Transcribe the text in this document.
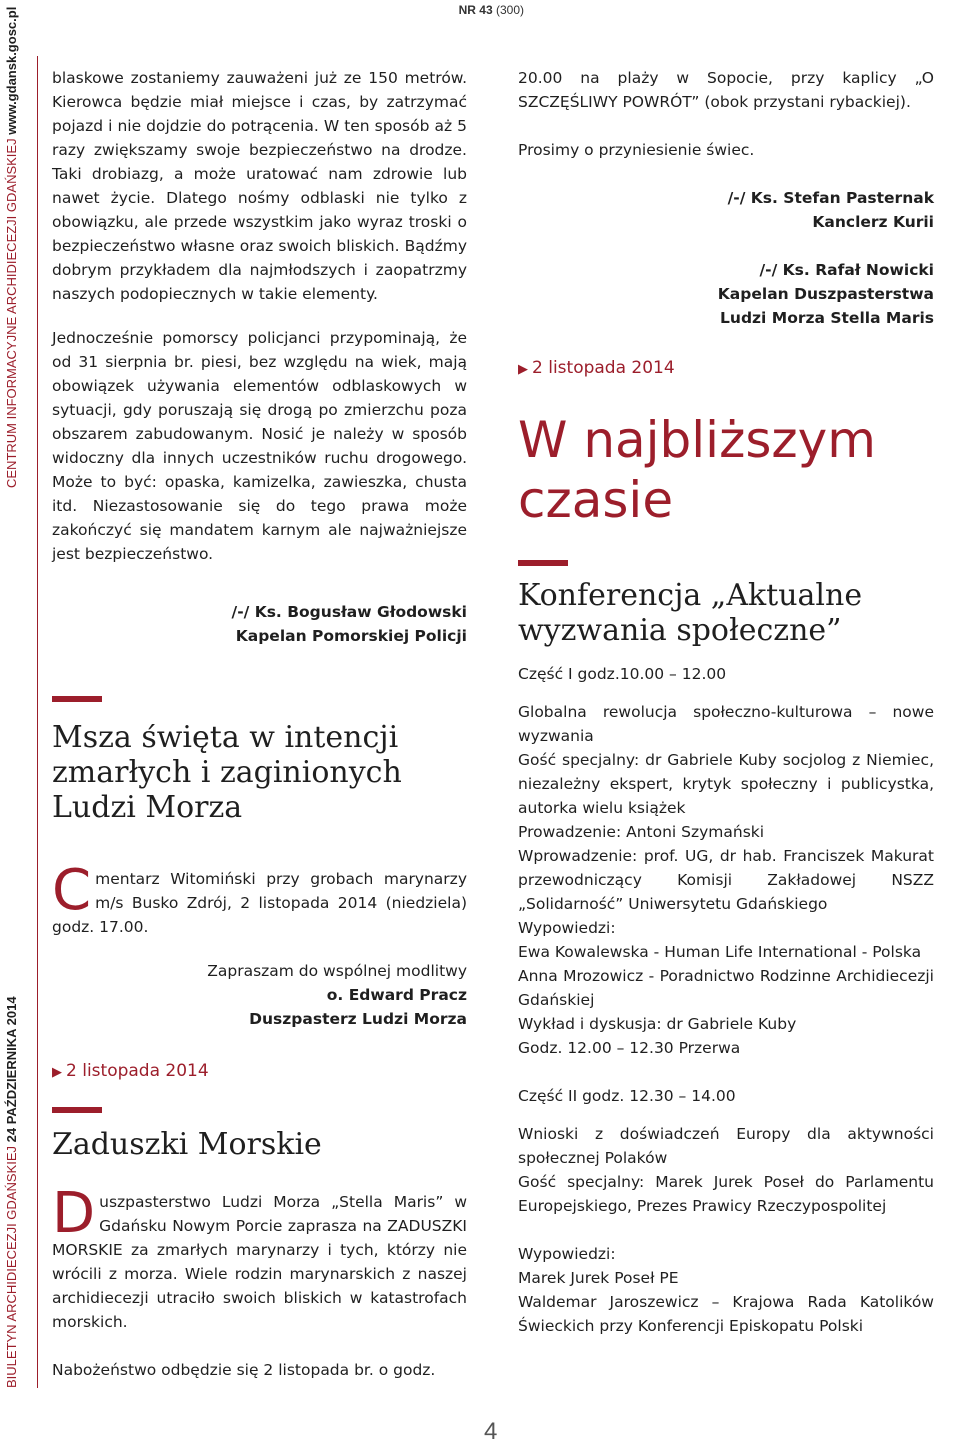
NR 43 (300)
BIULETYN ARCHIDIECEZJI GDAŃSKIEJ 24 PAŹDZIERNIKA 2014
CENTRUM INFORMACYJNE ARCHIDIECEZJI GDAŃSKIEJ www.gdansk.gosc.pl blaskowe zostaniemy zauważeni już ze 150 metrów. Kierowca będzie miał miejsce i czas, by zatrzymać pojazd i nie dojdzie do potrącenia. W ten sposób aż 5 razy zwiększamy swoje bezpieczeństwo na drodze. Taki drobiazg, a może uratować nam zdrowie lub nawet życie. Dlatego nośmy odblaski nie tylko z obowiązku, ale przede wszystkim jako wyraz troski o bezpieczeństwo własne oraz swoich bliskich. Bądźmy dobrym przykładem dla najmłodszych i zaopatrzmy naszych podopiecznych w takie elementy.

Jednocześnie pomorscy policjanci przypominają, że od 31 sierpnia br. piesi, bez względu na wiek, mają obowiązek używania elementów odblaskowych w sytuacji, gdy poruszają się drogą po zmierzchu poza obszarem zabudowanym. Nosić je należy w sposób widoczny dla innych uczestników ruchu drogowego. Może to być: opaska, kamizelka, zawieszka, chusta itd. Niezastosowanie się do tego prawa może zakończyć się mandatem karnym ale najważniejsze jest bezpieczeństwo.

/-/ Ks. Bogusław Głodowski
Kapelan Pomorskiej Policji
Msza święta w intencji zmarłych i zaginionych Ludzi Morza

Cmentarz Witomiński przy grobach marynarzy m/s Busko Zdrój, 2 listopada 2014 (niedziela) godz. 17.00.

Zapraszam do wspólnej modlitwy
o. Edward Pracz
Duszpasterz Ludzi Morza
▶ 2 listopada 2014
Zaduszki Morskie

Duszpasterstwo Ludzi Morza „Stella Maris” w Gdańsku Nowym Porcie zaprasza na ZADUSZKI MORSKIE za zmarłych marynarzy i tych, którzy nie wrócili z morza. Wiele rodzin marynarskich z naszej archidiecezji utraciło swoich bliskich w katastrofach morskich.

Nabożeństwo odbędzie się 2 listopada br. o godz.

20.00 na plaży w Sopocie, przy kaplicy „O SZCZĘŚLIWY POWRÓT” (obok przystani rybackiej).

Prosimy o przyniesienie świec.

/-/ Ks. Stefan Pasternak
Kanclerz Kurii
/-/ Ks. Rafał Nowicki
Kapelan Duszpasterstwa
Ludzi Morza Stella Maris
▶ 2 listopada 2014
W najbliższym czasie
Konferencja „Aktualne wyzwania społeczne”

Część I godz.10.00 – 12.00

Globalna rewolucja społeczno-kulturowa – nowe wyzwania

Gość specjalny: dr Gabriele Kuby socjolog z Niemiec, niezależny ekspert, krytyk społeczny i publicystka, autorka wielu książek

Prowadzenie: Antoni Szymański

Wprowadzenie: prof. UG, dr hab. Franciszek Makurat przewodniczący Komisji Zakładowej NSZZ „Solidarność” Uniwersytetu Gdańskiego

Wypowiedzi:

Ewa Kowalewska - Human Life International - Polska

Anna Mrozowicz - Poradnictwo Rodzinne Archidiecezji Gdańskiej

Wykład i dyskusja: dr Gabriele Kuby

Godz. 12.00 – 12.30 Przerwa

Część II godz. 12.30 – 14.00

Wnioski z doświadczeń Europy dla aktywności społecznej Polaków

Gość specjalny: Marek Jurek Poseł do Parlamentu Europejskiego, Prezes Prawicy Rzeczypospolitej

Wypowiedzi:

Marek Jurek Poseł PE

Waldemar Jaroszewicz – Krajowa Rada Katolików Świeckich przy Konferencji Episkopatu Polski

4
